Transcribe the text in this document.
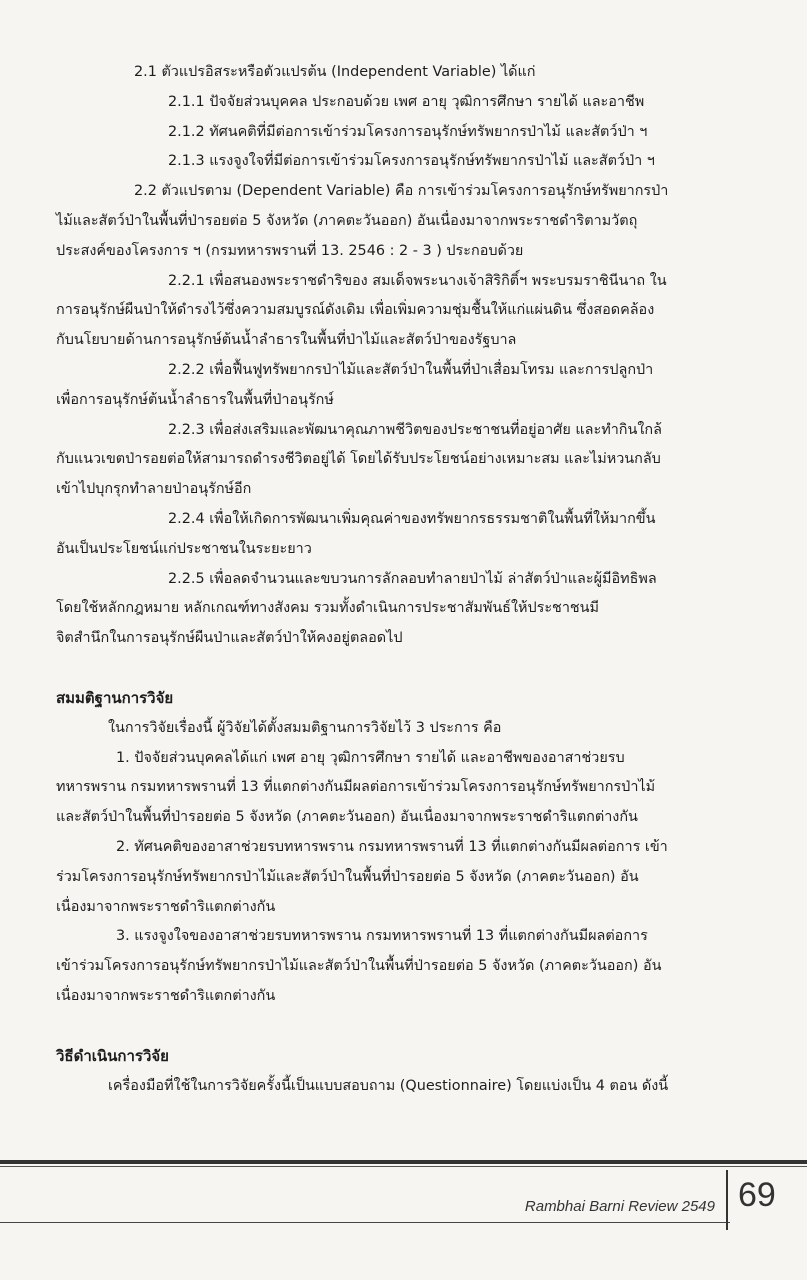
2.1 ตัวแปรอิสระหรือตัวแปรต้น (Independent Variable) ได้แก่
2.1.1 ปัจจัยส่วนบุคคล ประกอบด้วย เพศ อายุ วุฒิการศึกษา รายได้ และอาชีพ
2.1.2 ทัศนคติที่มีต่อการเข้าร่วมโครงการอนุรักษ์ทรัพยากรป่าไม้ และสัตว์ป่า ฯ
2.1.3 แรงจูงใจที่มีต่อการเข้าร่วมโครงการอนุรักษ์ทรัพยากรป่าไม้ และสัตว์ป่า ฯ
2.2 ตัวแปรตาม (Dependent Variable) คือ การเข้าร่วมโครงการอนุรักษ์ทรัพยากรป่า
ไม้และสัตว์ป่าในพื้นที่ป่ารอยต่อ 5 จังหวัด (ภาคตะวันออก) อันเนื่องมาจากพระราชดำริตามวัตถุ
ประสงค์ของโครงการ ฯ (กรมทหารพรานที่ 13. 2546 : 2 - 3 ) ประกอบด้วย
2.2.1 เพื่อสนองพระราชดำริของ สมเด็จพระนางเจ้าสิริกิติ์ฯ พระบรมราชินีนาถ ใน
การอนุรักษ์ผืนป่าให้ดำรงไว้ซึ่งความสมบูรณ์ดังเดิม เพื่อเพิ่มความชุ่มชื้นให้แก่แผ่นดิน ซึ่งสอดคล้อง
กับนโยบายด้านการอนุรักษ์ต้นน้ำลำธารในพื้นที่ป่าไม้และสัตว์ป่าของรัฐบาล
2.2.2 เพื่อฟื้นฟูทรัพยากรป่าไม้และสัตว์ป่าในพื้นที่ป่าเสื่อมโทรม และการปลูกป่า
เพื่อการอนุรักษ์ต้นน้ำลำธารในพื้นที่ป่าอนุรักษ์
2.2.3 เพื่อส่งเสริมและพัฒนาคุณภาพชีวิตของประชาชนที่อยู่อาศัย และทำกินใกล้
กับแนวเขตป่ารอยต่อให้สามารถดำรงชีวิตอยู่ได้ โดยได้รับประโยชน์อย่างเหมาะสม และไม่หวนกลับ
เข้าไปบุกรุกทำลายป่าอนุรักษ์อีก
2.2.4 เพื่อให้เกิดการพัฒนาเพิ่มคุณค่าของทรัพยากรธรรมชาติในพื้นที่ให้มากขึ้น
อันเป็นประโยชน์แก่ประชาชนในระยะยาว
2.2.5 เพื่อลดจำนวนและขบวนการลักลอบทำลายป่าไม้ ล่าสัตว์ป่าและผู้มีอิทธิพล
โดยใช้หลักกฎหมาย หลักเกณฑ์ทางสังคม รวมทั้งดำเนินการประชาสัมพันธ์ให้ประชาชนมี
จิตสำนึกในการอนุรักษ์ผืนป่าและสัตว์ป่าให้คงอยู่ตลอดไป
สมมติฐานการวิจัย
ในการวิจัยเรื่องนี้ ผู้วิจัยได้ตั้งสมมติฐานการวิจัยไว้ 3 ประการ คือ
1. ปัจจัยส่วนบุคคลได้แก่ เพศ อายุ วุฒิการศึกษา รายได้ และอาชีพของอาสาช่วยรบ
ทหารพราน กรมทหารพรานที่ 13 ที่แตกต่างกันมีผลต่อการเข้าร่วมโครงการอนุรักษ์ทรัพยากรป่าไม้
และสัตว์ป่าในพื้นที่ป่ารอยต่อ 5 จังหวัด (ภาคตะวันออก) อันเนื่องมาจากพระราชดำริแตกต่างกัน
2. ทัศนคติของอาสาช่วยรบทหารพราน กรมทหารพรานที่ 13 ที่แตกต่างกันมีผลต่อการ เข้า
ร่วมโครงการอนุรักษ์ทรัพยากรป่าไม้และสัตว์ป่าในพื้นที่ป่ารอยต่อ 5 จังหวัด (ภาคตะวันออก) อัน
เนื่องมาจากพระราชดำริแตกต่างกัน
3. แรงจูงใจของอาสาช่วยรบทหารพราน กรมทหารพรานที่ 13 ที่แตกต่างกันมีผลต่อการ
เข้าร่วมโครงการอนุรักษ์ทรัพยากรป่าไม้และสัตว์ป่าในพื้นที่ป่ารอยต่อ 5 จังหวัด (ภาคตะวันออก) อัน
เนื่องมาจากพระราชดำริแตกต่างกัน
วิธีดำเนินการวิจัย
เครื่องมือที่ใช้ในการวิจัยครั้งนี้เป็นแบบสอบถาม (Questionnaire) โดยแบ่งเป็น 4 ตอน ดังนี้
Rambhai Barni Review 2549 69
